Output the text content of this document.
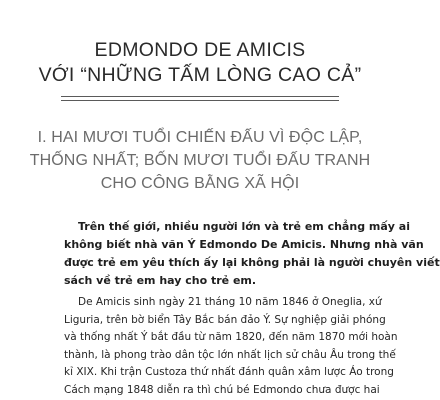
EDMONDO DE AMICIS
VỚI “NHỮNG TẤM LÒNG CAO CẢ”
I. HAI MƯƠI TUỔI CHIẾN ĐẤU VÌ ĐỘC LẬP,
THỐNG NHẤT; BỐN MƯƠI TUỔI ĐẤU TRANH
CHO CÔNG BẰNG XÃ HỘI
Trên thế giới, nhiều người lớn và trẻ em chẳng mấy ai
không biết nhà văn Ý Edmondo De Amicis. Nhưng nhà văn
được trẻ em yêu thích ấy lại không phải là người chuyên viết
sách về trẻ em hay cho trẻ em.
De Amicis sinh ngày 21 tháng 10 năm 1846 ở Oneglia, xứ
Liguria, trên bờ biển Tây Bắc bán đảo Ý. Sự nghiệp giải phóng
và thống nhất Ý bắt đầu từ năm 1820, đến năm 1870 mới hoàn
thành, là phong trào dân tộc lớn nhất lịch sử châu Âu trong thế
kỉ XIX. Khi trận Custoza thứ nhất đánh quân xâm lược Áo trong
Cách mạng 1848 diễn ra thì chú bé Edmondo chưa được hai
